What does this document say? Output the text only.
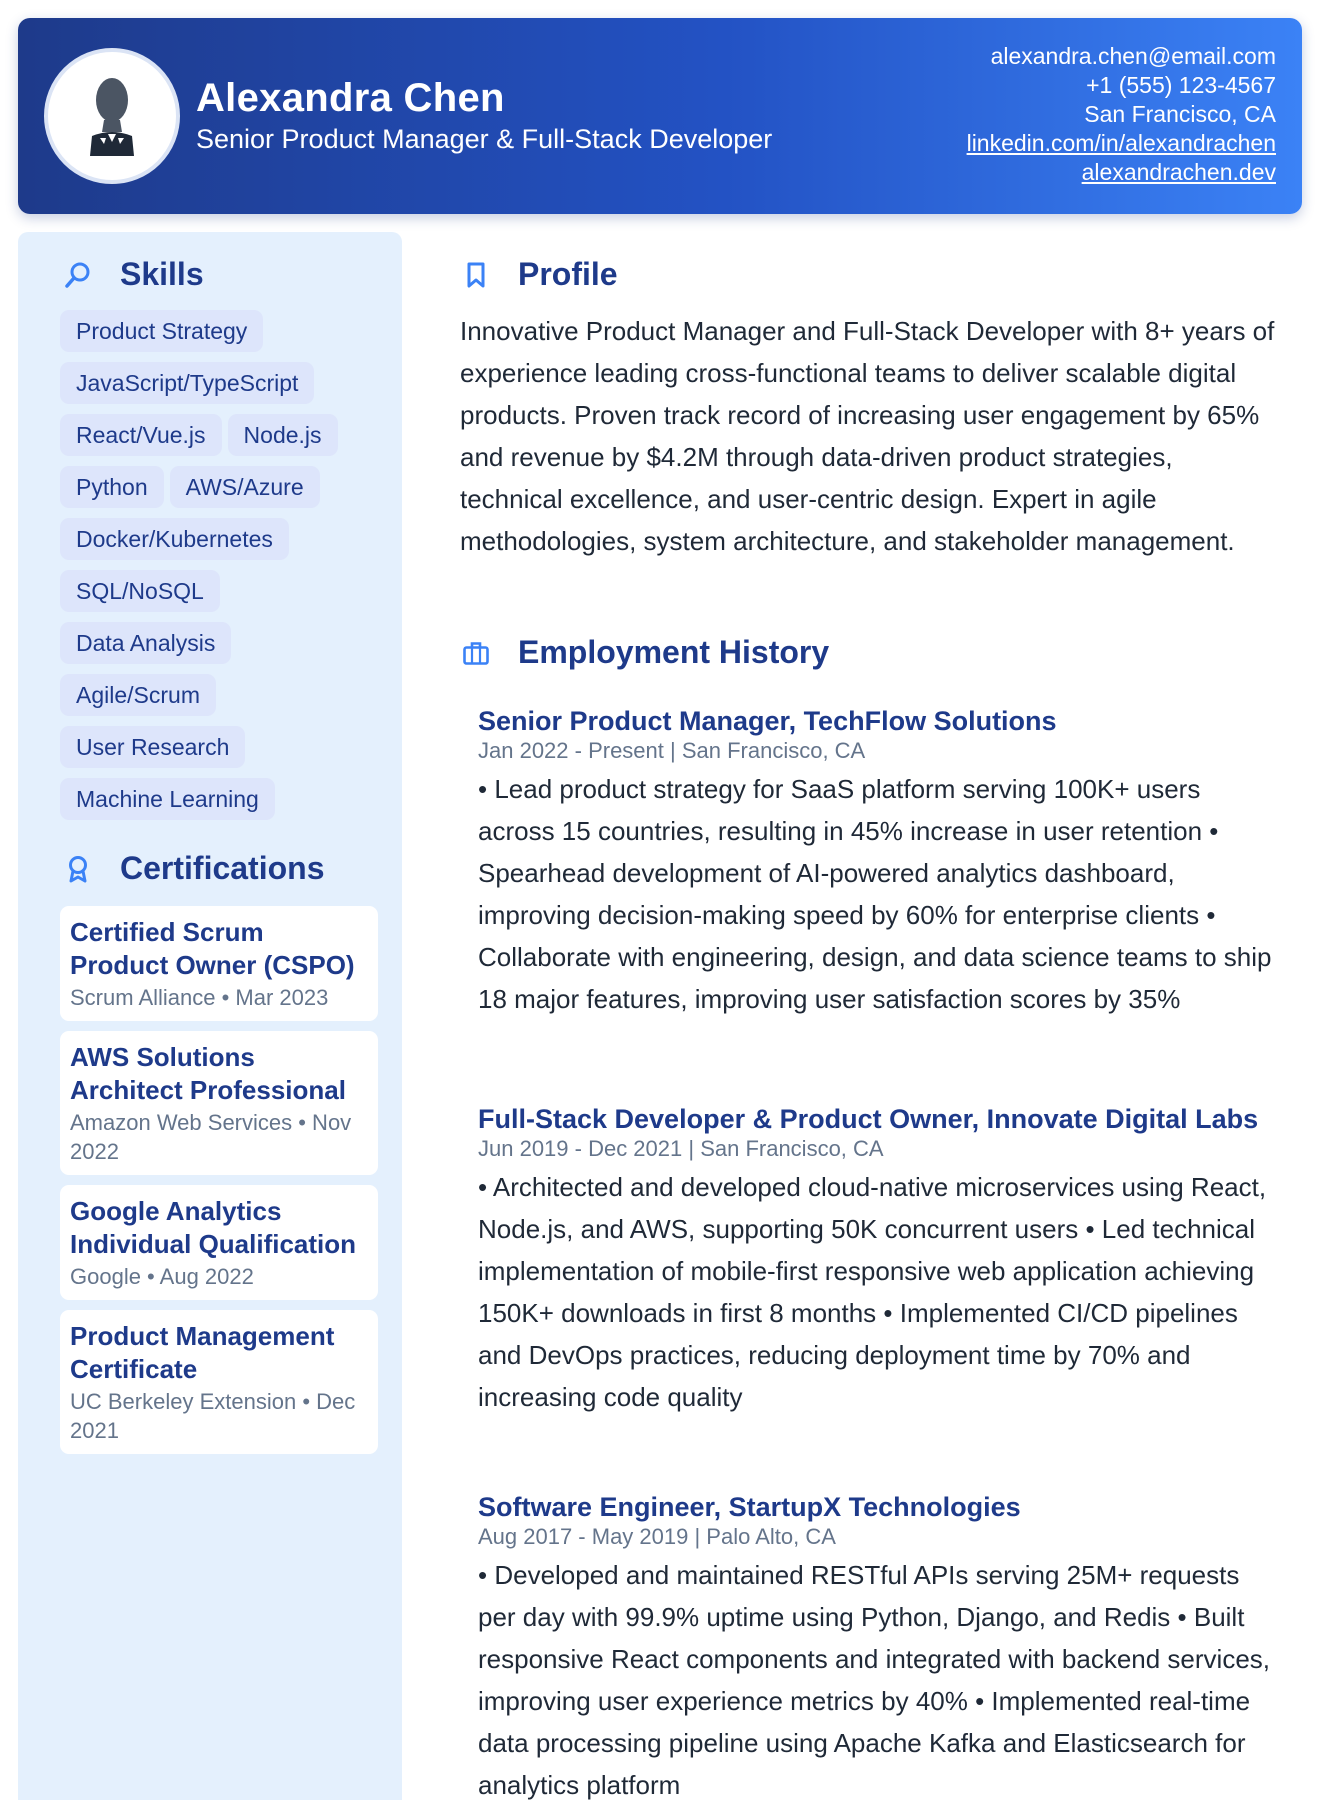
Alexandra Chen
Senior Product Manager & Full-Stack Developer
alexandra.chen@email.com
+1 (555) 123-4567
San Francisco, CA
linkedin.com/in/alexandrachen
alexandrachen.dev
Skills
Product Strategy
JavaScript/TypeScript
React/Vue.js Node.js
Python AWS/Azure
Docker/Kubernetes
SQL/NoSQL
Data Analysis
Agile/Scrum
User Research
Machine Learning
Certifications
Certified Scrum Product Owner (CSPO)
Scrum Alliance • Mar 2023
AWS Solutions Architect Professional
Amazon Web Services • Nov 2022
Google Analytics Individual Qualification
Google • Aug 2022
Product Management Certificate
UC Berkeley Extension • Dec 2021
Profile
Innovative Product Manager and Full-Stack Developer with 8+ years of experience leading cross-functional teams to deliver scalable digital products. Proven track record of increasing user engagement by 65% and revenue by $4.2M through data-driven product strategies, technical excellence, and user-centric design. Expert in agile methodologies, system architecture, and stakeholder management.
Employment History
Senior Product Manager, TechFlow Solutions
Jan 2022 - Present | San Francisco, CA
• Lead product strategy for SaaS platform serving 100K+ users across 15 countries, resulting in 45% increase in user retention • Spearhead development of AI-powered analytics dashboard, improving decision-making speed by 60% for enterprise clients • Collaborate with engineering, design, and data science teams to ship 18 major features, improving user satisfaction scores by 35%
Full-Stack Developer & Product Owner, Innovate Digital Labs
Jun 2019 - Dec 2021 | San Francisco, CA
• Architected and developed cloud-native microservices using React, Node.js, and AWS, supporting 50K concurrent users • Led technical implementation of mobile-first responsive web application achieving 150K+ downloads in first 8 months • Implemented CI/CD pipelines and DevOps practices, reducing deployment time by 70% and increasing code quality
Software Engineer, StartupX Technologies
Aug 2017 - May 2019 | Palo Alto, CA
• Developed and maintained RESTful APIs serving 25M+ requests per day with 99.9% uptime using Python, Django, and Redis • Built responsive React components and integrated with backend services, improving user experience metrics by 40% • Implemented real-time data processing pipeline using Apache Kafka and Elasticsearch for analytics platform
